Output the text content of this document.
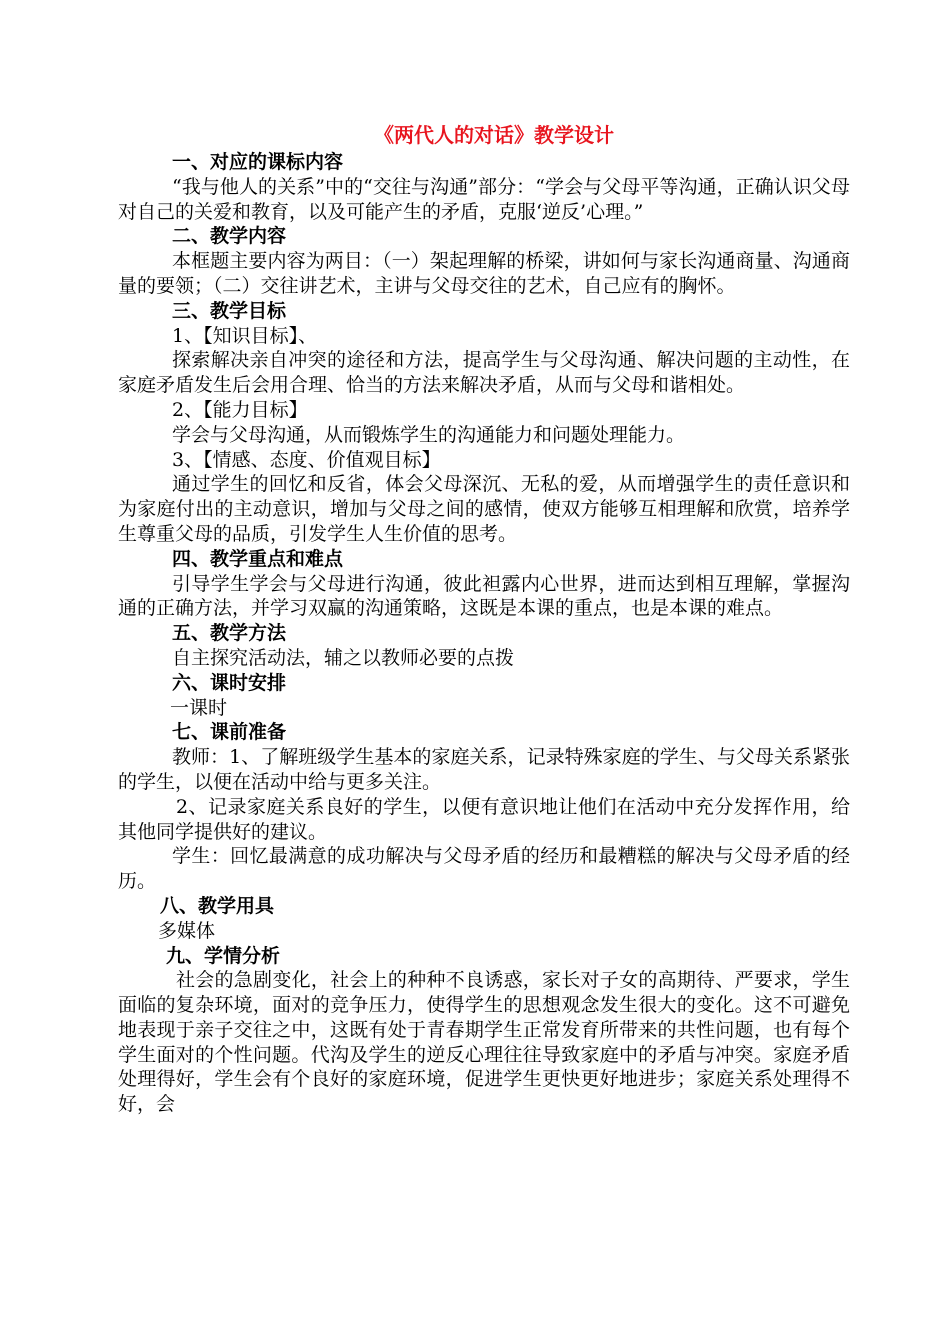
《两代人的对话》教学设计
一、对应的课标内容

“我与他人的关系”中的“交往与沟通”部分：“学会与父母平等沟通，正确认识父母对自己的关爱和教育，以及可能产生的矛盾，克服‘逆反’心理。”

二、教学内容

本框题主要内容为两目：（一）架起理解的桥梁，讲如何与家长沟通商量、沟通商量的要领；（二）交往讲艺术，主讲与父母交往的艺术，自己应有的胸怀。

三、教学目标

1、【知识目标】、

探索解决亲自冲突的途径和方法，提高学生与父母沟通、解决问题的主动性，在家庭矛盾发生后会用合理、恰当的方法来解决矛盾，从而与父母和谐相处。

2、【能力目标】

学会与父母沟通，从而锻炼学生的沟通能力和问题处理能力。

3、【情感、态度、价值观目标】

通过学生的回忆和反省，体会父母深沉、无私的爱，从而增强学生的责任意识和为家庭付出的主动意识，增加与父母之间的感情，使双方能够互相理解和欣赏，培养学生尊重父母的品质，引发学生人生价值的思考。

四、教学重点和难点

引导学生学会与父母进行沟通，彼此袒露内心世界，进而达到相互理解，掌握沟通的正确方法，并学习双赢的沟通策略，这既是本课的重点，也是本课的难点。

五、教学方法

自主探究活动法，辅之以教师必要的点拨

六、课时安排

一课时

七、课前准备

教师：1、了解班级学生基本的家庭关系，记录特殊家庭的学生、与父母关系紧张的学生，以便在活动中给与更多关注。

2、记录家庭关系良好的学生，以便有意识地让他们在活动中充分发挥作用，给其他同学提供好的建议。

学生：回忆最满意的成功解决与父母矛盾的经历和最糟糕的解决与父母矛盾的经历。

八、教学用具

多媒体

九、学情分析

社会的急剧变化，社会上的种种不良诱惑，家长对子女的高期待、严要求，学生面临的复杂环境，面对的竞争压力，使得学生的思想观念发生很大的变化。这不可避免地表现于亲子交往之中，这既有处于青春期学生正常发育所带来的共性问题，也有每个学生面对的个性问题。代沟及学生的逆反心理往往导致家庭中的矛盾与冲突。家庭矛盾处理得好，学生会有个良好的家庭环境，促进学生更快更好地进步；家庭关系处理得不好，会
